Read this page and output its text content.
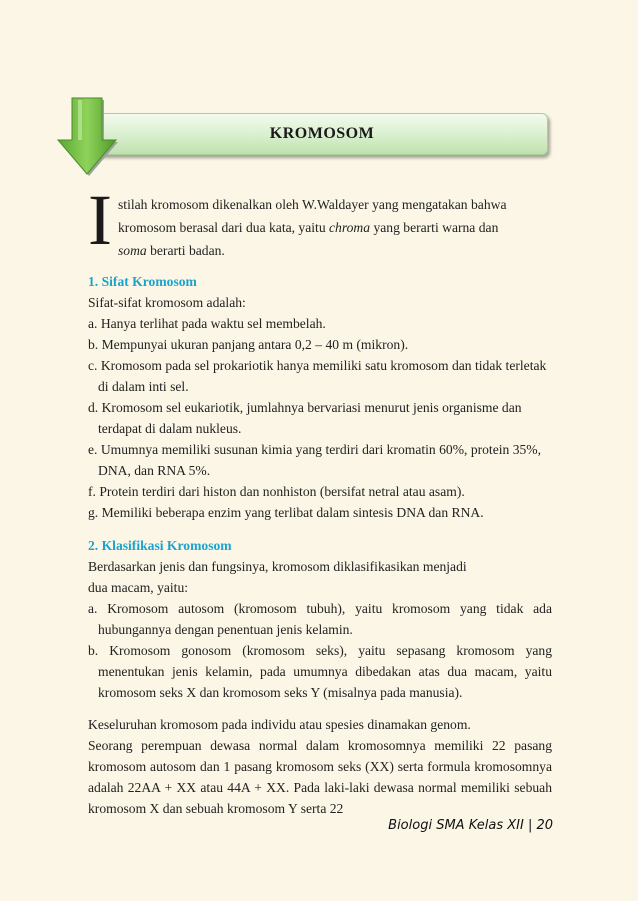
KROMOSOM
I stilah kromosom dikenalkan oleh W.Waldayer yang mengatakan bahwa
kromosom berasal dari dua kata, yaitu chroma yang berarti warna dan
soma berarti badan.

1. Sifat Kromosom

Sifat-sifat kromosom adalah:

a. Hanya terlihat pada waktu sel membelah.

b. Mempunyai ukuran panjang antara 0,2 – 40 m (mikron).

c. Kromosom pada sel prokariotik hanya memiliki satu kromosom dan tidak terletak di dalam inti sel.

d. Kromosom sel eukariotik, jumlahnya bervariasi menurut jenis organisme dan terdapat di dalam nukleus.

e. Umumnya memiliki susunan kimia yang terdiri dari kromatin 60%, protein 35%, DNA, dan RNA 5%.

f. Protein terdiri dari histon dan nonhiston (bersifat netral atau asam).

g. Memiliki beberapa enzim yang terlibat dalam sintesis DNA dan RNA.

2. Klasifikasi Kromosom

Berdasarkan jenis dan fungsinya, kromosom diklasifikasikan menjadi

dua macam, yaitu:

a. Kromosom autosom (kromosom tubuh), yaitu kromosom yang tidak ada hubungannya dengan penentuan jenis kelamin.

b. Kromosom gonosom (kromosom seks), yaitu sepasang kromosom yang menentukan jenis kelamin, pada umumnya dibedakan atas dua macam, yaitu kromosom seks X dan kromosom seks Y (misalnya pada manusia).

Keseluruhan kromosom pada individu atau spesies dinamakan genom.

Seorang perempuan dewasa normal dalam kromosomnya memiliki 22 pasang kromosom autosom dan 1 pasang kromosom seks (XX) serta formula kromosomnya adalah 22AA + XX atau 44A + XX. Pada laki-laki dewasa normal memiliki sebuah kromosom X dan sebuah kromosom Y serta 22

Biologi SMA Kelas XII | 20
